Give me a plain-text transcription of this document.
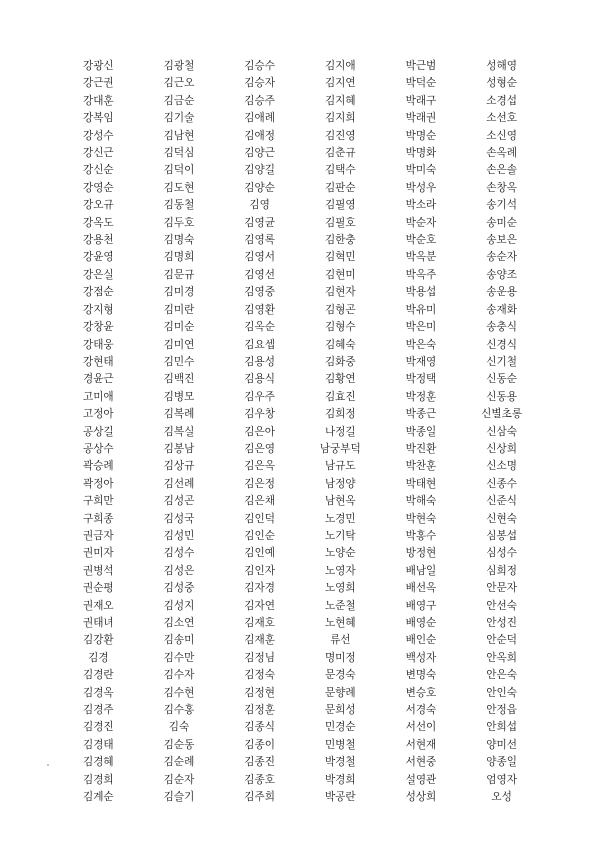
강광신	김광철	김승수	김지애	박근범	성해영
강근권	김근오	김승자	김지연	박덕순	성형순
강대훈	김금순	김승주	김지혜	박래구	소경섭
강복임	김기술	김애례	김지희	박래권	소선호
강성수	김남현	김애정	김진영	박명순	소신영
강신근	김덕심	김양근	김춘규	박명화	손옥례
강신순	김덕이	김양길	김택수	박미숙	손은솔
강영순	김도현	김양순	김판순	박성우	손창옥
강오규	김동철	김영	김필영	박소라	송기석
강옥도	김두호	김영균	김필호	박순자	송미순
강용천	김명숙	김영록	김한충	박순호	송보은
강윤영	김명희	김영서	김혁민	박옥분	송순자
강은실	김문규	김영선	김현미	박옥주	송양조
강점순	김미경	김영중	김현자	박용섭	송운용
강지형	김미란	김영환	김형곤	박유미	송재화
강창윤	김미순	김옥순	김형수	박은미	송충식
강태웅	김미연	김요셉	김혜숙	박은숙	신경식
강현태	김민수	김용성	김화중	박재영	신기철
경윤근	김백진	김용식	김황연	박정택	신동순
고미애	김병모	김우주	김효진	박정훈	신동용
고정아	김복례	김우창	김희정	박종근	신별초롱
공상길	김복실	김은아	나정길	박종일	신삼숙
공상수	김봉남	김은영	남궁부덕	박진환	신상희
곽승례	김상규	김은옥	남규도	박찬훈	신소명
곽정아	김선례	김은정	남정양	박태현	신종수
구희만	김성곤	김은채	남현옥	박해숙	신준식
구희종	김성국	김인덕	노경민	박현숙	신현숙
권금자	김성민	김인순	노기탁	박홍수	심봉섭
권미자	김성수	김인예	노양순	방정현	심성수
권병석	김성은	김인자	노영자	배남일	심희정
권순평	김성중	김자경	노영희	배선옥	안문자
권재오	김성지	김자연	노준철	배영구	안선숙
권태녀	김소연	김재호	노현혜	배영순	안성진
김강환	김송미	김재훈	류선	배인순	안순덕
김경	김수만	김정님	명미정	백성자	안옥희
김경란	김수자	김정숙	문경숙	변명숙	안은숙
김경옥	김수현	김정현	문향례	변승호	안인숙
김경주	김수홍	김정훈	문희성	서경숙	안정읍
김경진	김숙	김종식	민경순	서선이	안희섭
김경태	김순동	김종이	민병철	서현재	양미선
김경혜	김순례	김종진	박경철	서현중	양종일
김경희	김순자	김종호	박경희	설영관	엄영자
김계순	김슬기	김주희	박공란	성상희	오성
